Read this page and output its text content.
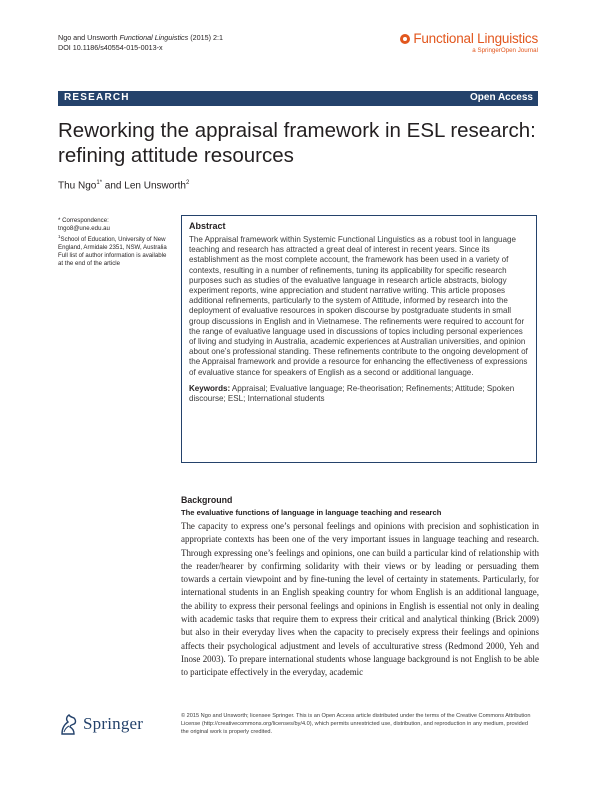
Ngo and Unsworth Functional Linguistics (2015) 2:1
DOI 10.1186/s40554-015-0013-x
Functional Linguistics
a SpringerOpen Journal
RESEARCH	Open Access
Reworking the appraisal framework in ESL research: refining attitude resources
Thu Ngo$^{1*}$ and Len Unsworth$^2$
* Correspondence:
tngo8@une.edu.au
$^1$School of Education, University of New England, Armidale 2351, NSW, Australia
Full list of author information is available at the end of the article
Abstract
The Appraisal framework within Systemic Functional Linguistics as a robust tool in language teaching and research has attracted a great deal of interest in recent years. Since its establishment as the most complete account, the framework has been used in a variety of contexts, resulting in a number of refinements, tuning its applicability for specific research purposes such as studies of the evaluative language in research article abstracts, biology experiment reports, wine appreciation and student narrative writing. This article proposes additional refinements, particularly to the system of Attitude, informed by research into the deployment of evaluative resources in spoken discourse by postgraduate students in small group discussions in English and in Vietnamese. The refinements were required to account for the range of evaluative language used in discussions of topics including personal experiences of living and studying in Australia, academic experiences at Australian universities, and opinion about one’s professional standing. These refinements contribute to the ongoing development of the Appraisal framework and provide a resource for enhancing the effectiveness of expressions of evaluative stance for speakers of English as a second or additional language.
Keywords: Appraisal; Evaluative language; Re-theorisation; Refinements; Attitude; Spoken discourse; ESL; International students
Background
The evaluative functions of language in language teaching and research

The capacity to express one’s personal feelings and opinions with precision and sophistication in appropriate contexts has been one of the very important issues in language teaching and research. Through expressing one’s feelings and opinions, one can build a particular kind of relationship with the reader/hearer by confirming solidarity with their views or by leading or persuading them towards a certain viewpoint and by fine-tuning the level of certainty in statements. Particularly, for international students in an English speaking country for whom English is an additional language, the ability to express their personal feelings and opinions in English is essential not only in dealing with academic tasks that require them to express their critical and analytical thinking (Brick 2009) but also in their everyday lives when the capacity to precisely express their feelings and opinions affects their psychological adjustment and levels of acculturative stress (Redmond 2000, Yeh and Inose 2003). To prepare international students whose language background is not English to be able to participate effectively in the everyday, academic

Springer	© 2015 Ngo and Unsworth; licensee Springer. This is an Open Access article distributed under the terms of the Creative Commons Attribution License (http://creativecommons.org/licenses/by/4.0), which permits unrestricted use, distribution, and reproduction in any medium, provided the original work is properly credited.
